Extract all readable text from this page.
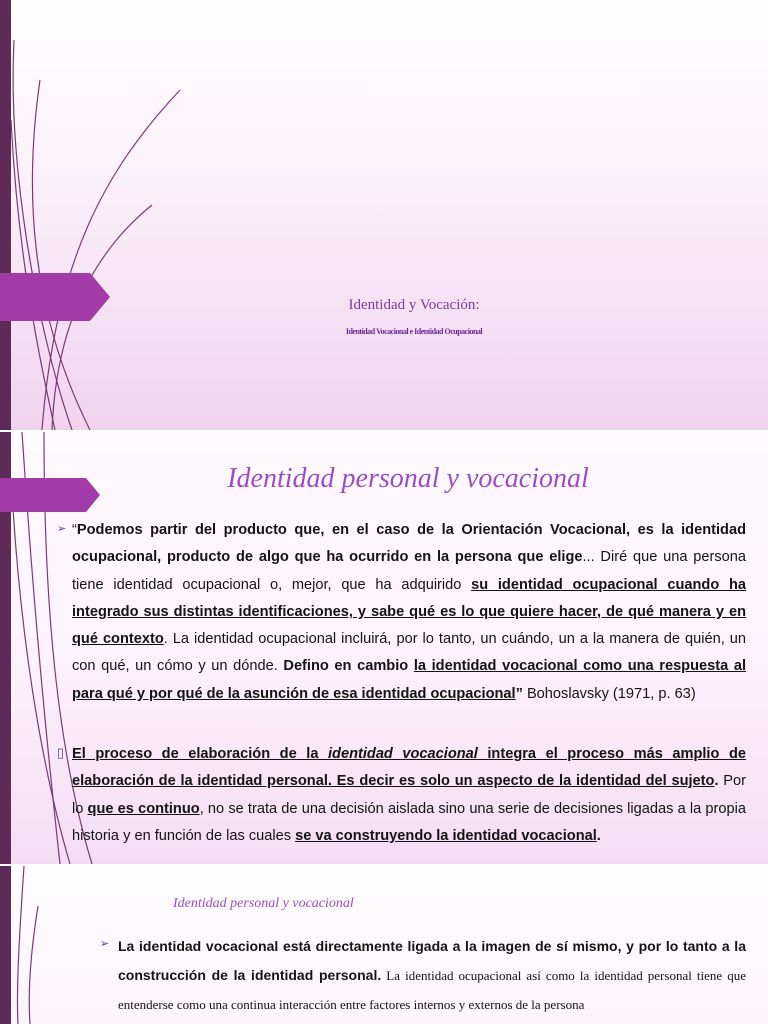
Identidad y Vocación:
Identidad Vocacional e Identidad Ocupacional
Identidad personal y vocacional
➢ “Podemos partir del producto que, en el caso de la Orientación Vocacional, es la identidad ocupacional, producto de algo que ha ocurrido en la persona que elige... Diré que una persona tiene identidad ocupacional o, mejor, que ha adquirido su identidad ocupacional cuando ha integrado sus distintas identificaciones, y sabe qué es lo que quiere hacer, de qué manera y en qué contexto. La identidad ocupacional incluirá, por lo tanto, un cuándo, un a la manera de quién, un con qué, un cómo y un dónde. Defino en cambio la identidad vocacional como una respuesta al para qué y por qué de la asunción de esa identidad ocupacional” Bohoslavsky (1971, p. 63)
▯ El proceso de elaboración de la identidad vocacional integra el proceso más amplio de elaboración de la identidad personal. Es decir es solo un aspecto de la identidad del sujeto. Por lo que es continuo, no se trata de una decisión aislada sino una serie de decisiones ligadas a la propia historia y en función de las cuales se va construyendo la identidad vocacional.
Identidad personal y vocacional
➢ La identidad vocacional está directamente ligada a la imagen de sí mismo, y por lo tanto a la construcción de la identidad personal. La identidad ocupacional así como la identidad personal tiene que entenderse como una continua interacción entre factores internos y externos de la persona
